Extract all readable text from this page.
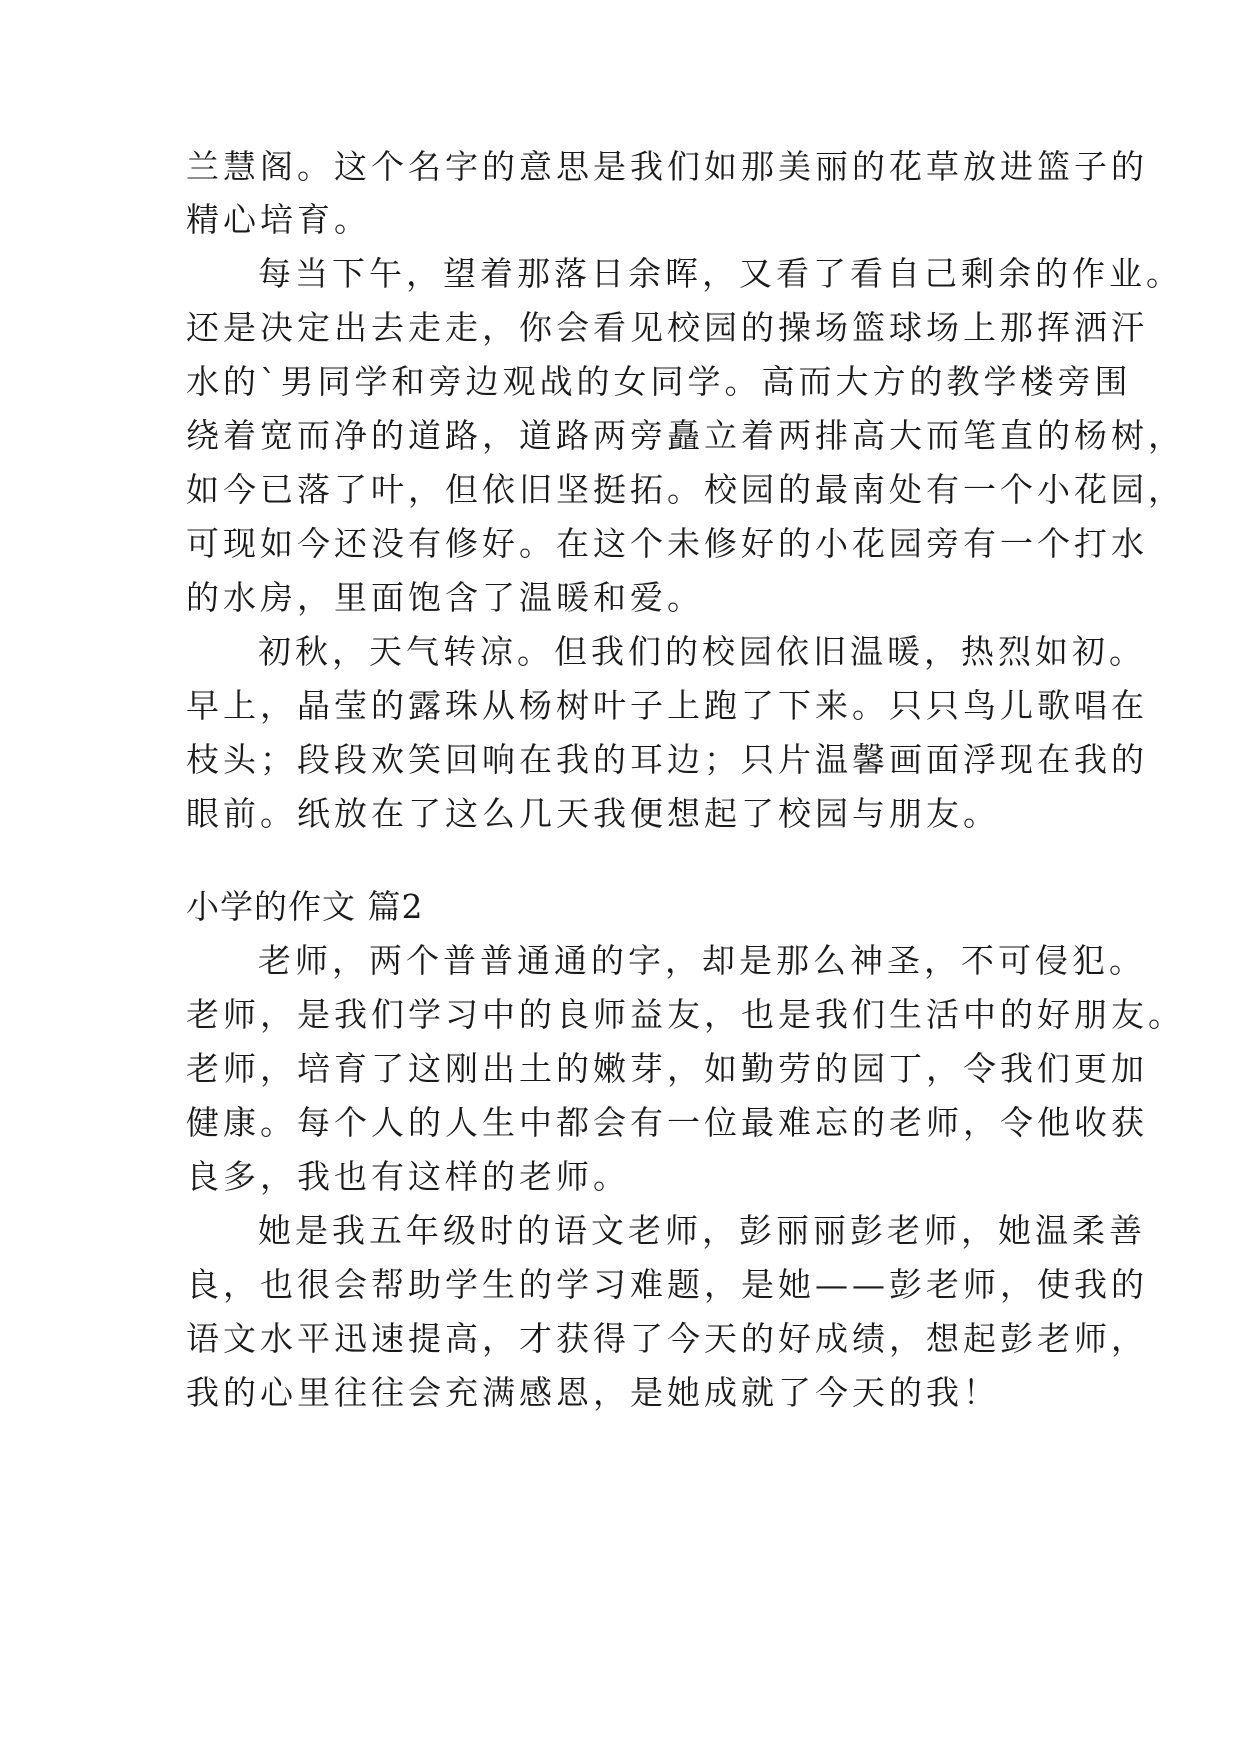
兰慧阁。这个名字的意思是我们如那美丽的花草放进篮子的
精心培育。
每当下午，望着那落日余晖，又看了看自己剩余的作业。
还是决定出去走走，你会看见校园的操场篮球场上那挥洒汗
水的`男同学和旁边观战的女同学。高而大方的教学楼旁围
绕着宽而净的道路，道路两旁矗立着两排高大而笔直的杨树，
如今已落了叶，但依旧坚挺拓。校园的最南处有一个小花园，
可现如今还没有修好。在这个未修好的小花园旁有一个打水
的水房，里面饱含了温暖和爱。
初秋，天气转凉。但我们的校园依旧温暖，热烈如初。
早上，晶莹的露珠从杨树叶子上跑了下来。只只鸟儿歌唱在
枝头；段段欢笑回响在我的耳边；只片温馨画面浮现在我的
眼前。纸放在了这么几天我便想起了校园与朋友。
小学的作文 篇2
老师，两个普普通通的字，却是那么神圣，不可侵犯。
老师，是我们学习中的良师益友，也是我们生活中的好朋友。
老师，培育了这刚出土的嫩芽，如勤劳的园丁，令我们更加
健康。每个人的人生中都会有一位最难忘的老师，令他收获
良多，我也有这样的老师。
她是我五年级时的语文老师，彭丽丽彭老师，她温柔善
良，也很会帮助学生的学习难题，是她——彭老师，使我的
语文水平迅速提高，才获得了今天的好成绩，想起彭老师，
我的心里往往会充满感恩，是她成就了今天的我！
